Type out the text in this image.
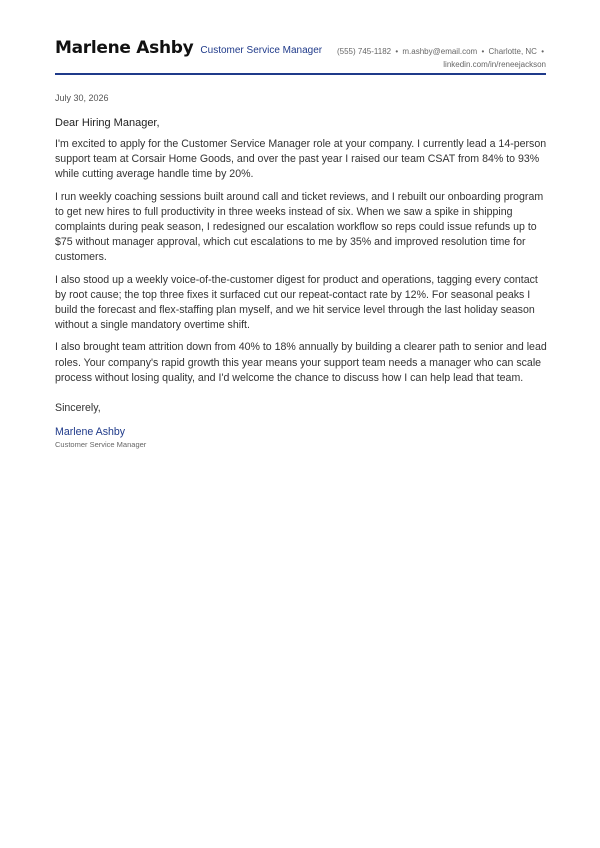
Marlene Ashby Customer Service Manager (555) 745-1182 • m.ashby@email.com • Charlotte, NC •
linkedin.com/in/reneejackson
July 30, 2026
Dear Hiring Manager,

I'm excited to apply for the Customer Service Manager role at your company. I currently lead a 14-person support team at Corsair Home Goods, and over the past year I raised our team CSAT from 84% to 93% while cutting average handle time by 20%.

I run weekly coaching sessions built around call and ticket reviews, and I rebuilt our onboarding program to get new hires to full productivity in three weeks instead of six. When we saw a spike in shipping complaints during peak season, I redesigned our escalation workflow so reps could issue refunds up to $75 without manager approval, which cut escalations to me by 35% and improved resolution time for customers.

I also stood up a weekly voice-of-the-customer digest for product and operations, tagging every contact by root cause; the top three fixes it surfaced cut our repeat-contact rate by 12%. For seasonal peaks I build the forecast and flex-staffing plan myself, and we hit service level through the last holiday season without a single mandatory overtime shift.

I also brought team attrition down from 40% to 18% annually by building a clearer path to senior and lead roles. Your company's rapid growth this year means your support team needs a manager who can scale process without losing quality, and I'd welcome the chance to discuss how I can help lead that team.

Sincerely,
Marlene Ashby
Customer Service Manager
